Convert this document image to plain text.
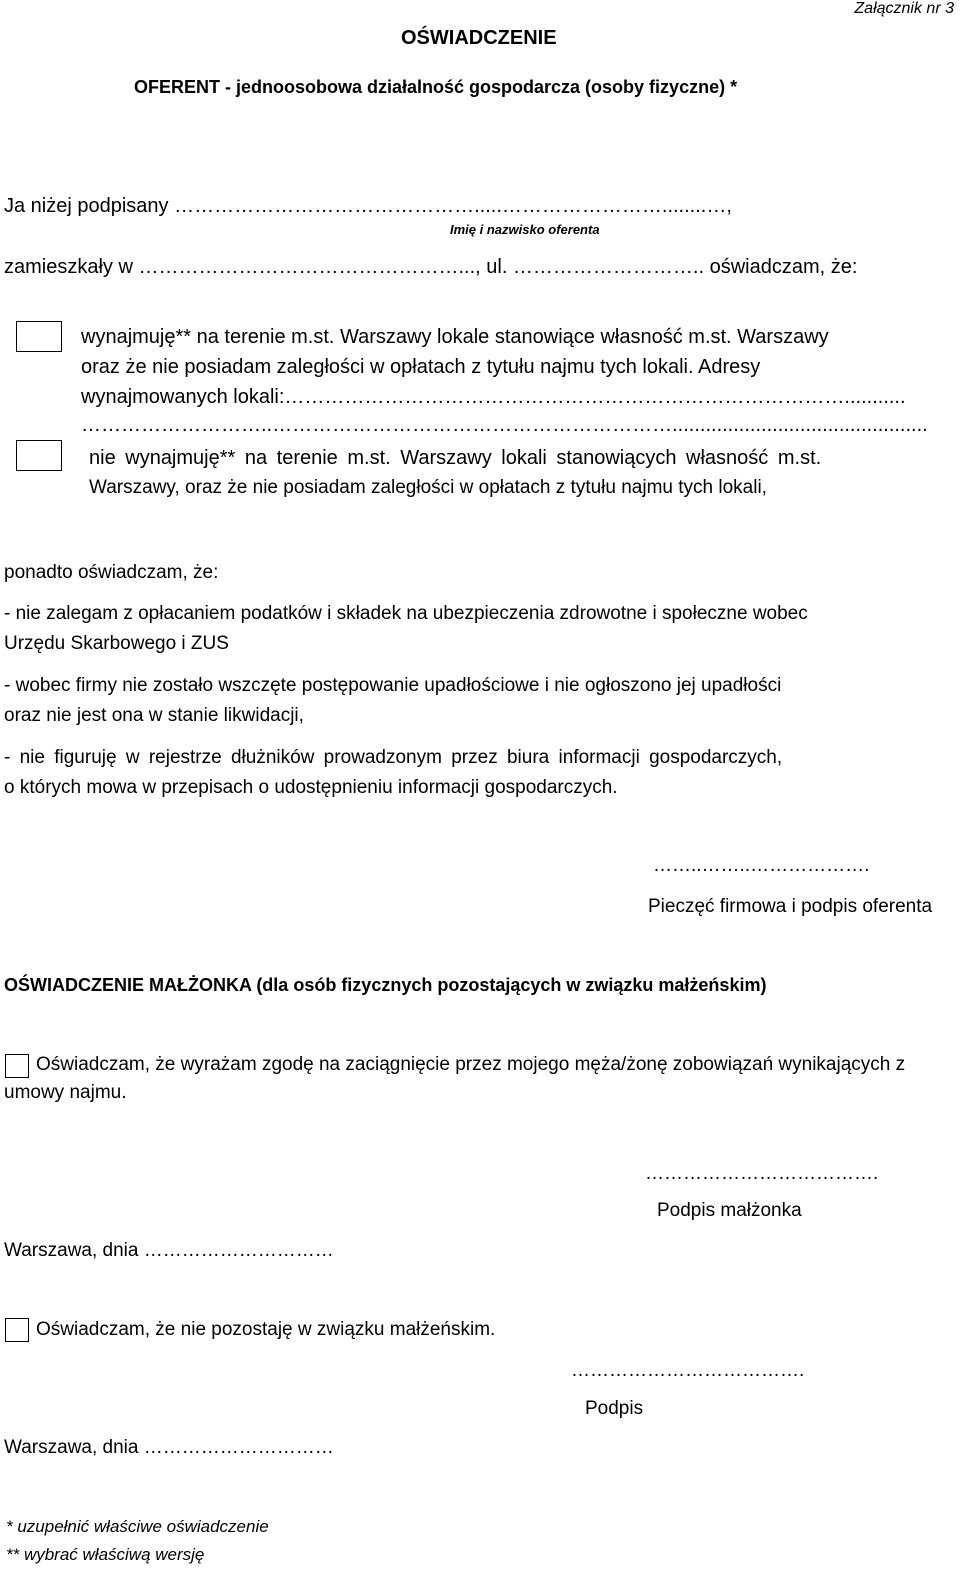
Załącznik nr 3
OŚWIADCZENIE
OFERENT - jednoosobowa działalność gospodarcza (osoby fizyczne) *
Ja niżej podpisany ……………………………………….....……………………........…,
Imię i nazwisko oferenta
zamieszkały w …………………………………………..., ul. ……………………….. oświadczam, że:
wynajmuję** na terenie m.st. Warszawy lokale stanowiące własność m.st. Warszawy
oraz że nie posiadam zaległości w opłatach z tytułu najmu tych lokali. Adresy
wynajmowanych lokali:…………………………………………………………………………...........
………………………..……………………………………………………..............................................
nie wynajmuję** na terenie m.st. Warszawy lokali stanowiących własność m.st.
Warszawy, oraz że nie posiadam zaległości w opłatach z tytułu najmu tych lokali,
ponadto oświadczam, że:
- nie zalegam z opłacaniem podatków i składek na ubezpieczenia zdrowotne i społeczne wobec
Urzędu Skarbowego i ZUS
- wobec firmy nie zostało wszczęte postępowanie upadłościowe i nie ogłoszono jej upadłości
oraz nie jest ona w stanie likwidacji,
- nie figuruję w rejestrze dłużników prowadzonym przez biura informacji gospodarczych,
o których mowa w przepisach o udostępnieniu informacji gospodarczych.
……..……..……………….
Pieczęć firmowa i podpis oferenta
OŚWIADCZENIE MAŁŻONKA (dla osób fizycznych pozostających w związku małżeńskim)
Oświadczam, że wyrażam zgodę na zaciągnięcie przez mojego męża/żonę zobowiązań wynikających z
umowy najmu.
……………………………….
Podpis małżonka
Warszawa, dnia …………………………
Oświadczam, że nie pozostaję w związku małżeńskim.
……………………………….
Podpis
Warszawa, dnia …………………………
* uzupełnić właściwe oświadczenie
** wybrać właściwą wersję
